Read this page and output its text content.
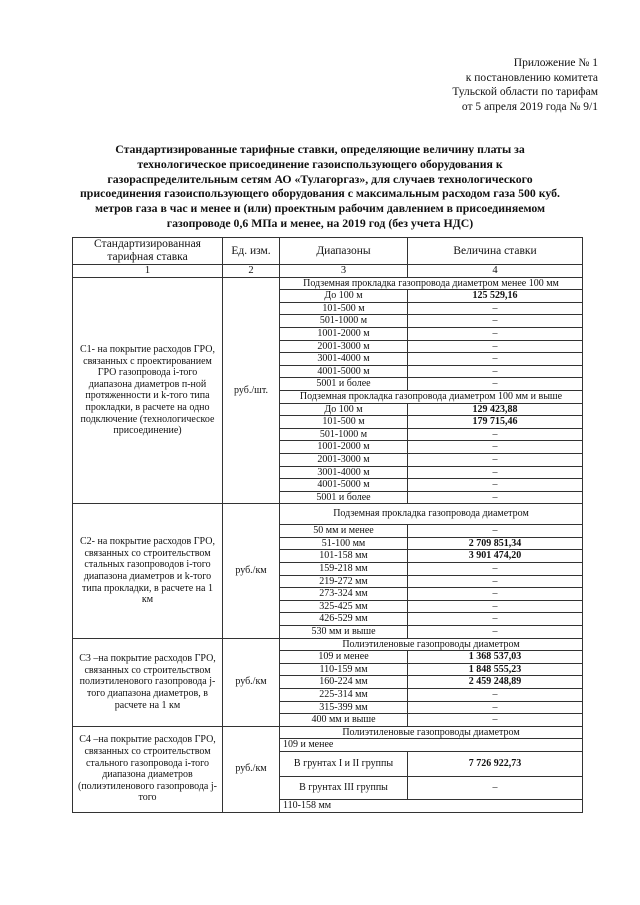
Приложение № 1
к постановлению комитета
Тульской области по тарифам
от 5 апреля 2019 года № 9/1
Стандартизированные тарифные ставки, определяющие величину платы за технологическое присоединение газоиспользующего оборудования к газораспределительным сетям АО «Тулагоргаз», для случаев технологического присоединения газоиспользующего оборудования с максимальным расходом газа 500 куб. метров газа в час и менее и (или) проектным рабочим давлением в присоединяемом газопроводе 0,6 МПа и менее, на 2019 год (без учета НДС)
Стандартизированная тарифная ставка	Ед. изм.	Диапазоны	Величина ставки
1	2	3	4
С1- на покрытие расходов ГРО, связанных с проектированием ГРО газопровода i-того диапазона диаметров п-ной протяженности и k-того типа прокладки, в расчете на одно подключение (технологическое присоединение)	руб./шт.	Подземная прокладка газопровода диаметром менее 100 мм	
		До 100 м	125 529,16
		101-500 м	–
		501-1000 м	–
		1001-2000 м	–
		2001-3000 м	–
		3001-4000 м	–
		4001-5000 м	–
		5001 и более	–
		Подземная прокладка газопровода диаметром 100 мм и выше	
		До 100 м	129 423,88
		101-500 м	179 715,46
		501-1000 м	–
		1001-2000 м	–
		2001-3000 м	–
		3001-4000 м	–
		4001-5000 м	–
		5001 и более	–
С2- на покрытие расходов ГРО, связанных со строительством стальных газопроводов i-того диапазона диаметров и k-того типа прокладки, в расчете на 1 км	руб./км	Подземная прокладка газопровода диаметром	
		50 мм и менее	–
		51-100 мм	2 709 851,34
		101-158 мм	3 901 474,20
		159-218 мм	–
		219-272 мм	–
		273-324 мм	–
		325-425 мм	–
		426-529 мм	–
		530 мм и выше	–
С3 –на покрытие расходов ГРО, связанных со строительством полиэтиленового газопровода j-того диапазона диаметров, в расчете на 1 км	руб./км	Полиэтиленовые газопроводы диаметром	
		109 и менее	1 368 537,03
		110-159 мм	1 848 555,23
		160-224 мм	2 459 248,89
		225-314 мм	–
		315-399 мм	–
		400 мм и выше	–
С4 –на покрытие расходов ГРО, связанных со строительством стального газопровода i-того диапазона диаметров (полиэтиленового газопровода j-того	руб./км	Полиэтиленовые газопроводы диаметром	
		109 и менее	
		В грунтах I и II группы	7 726 922,73
		В грунтах III группы	–
		110-158 мм	
